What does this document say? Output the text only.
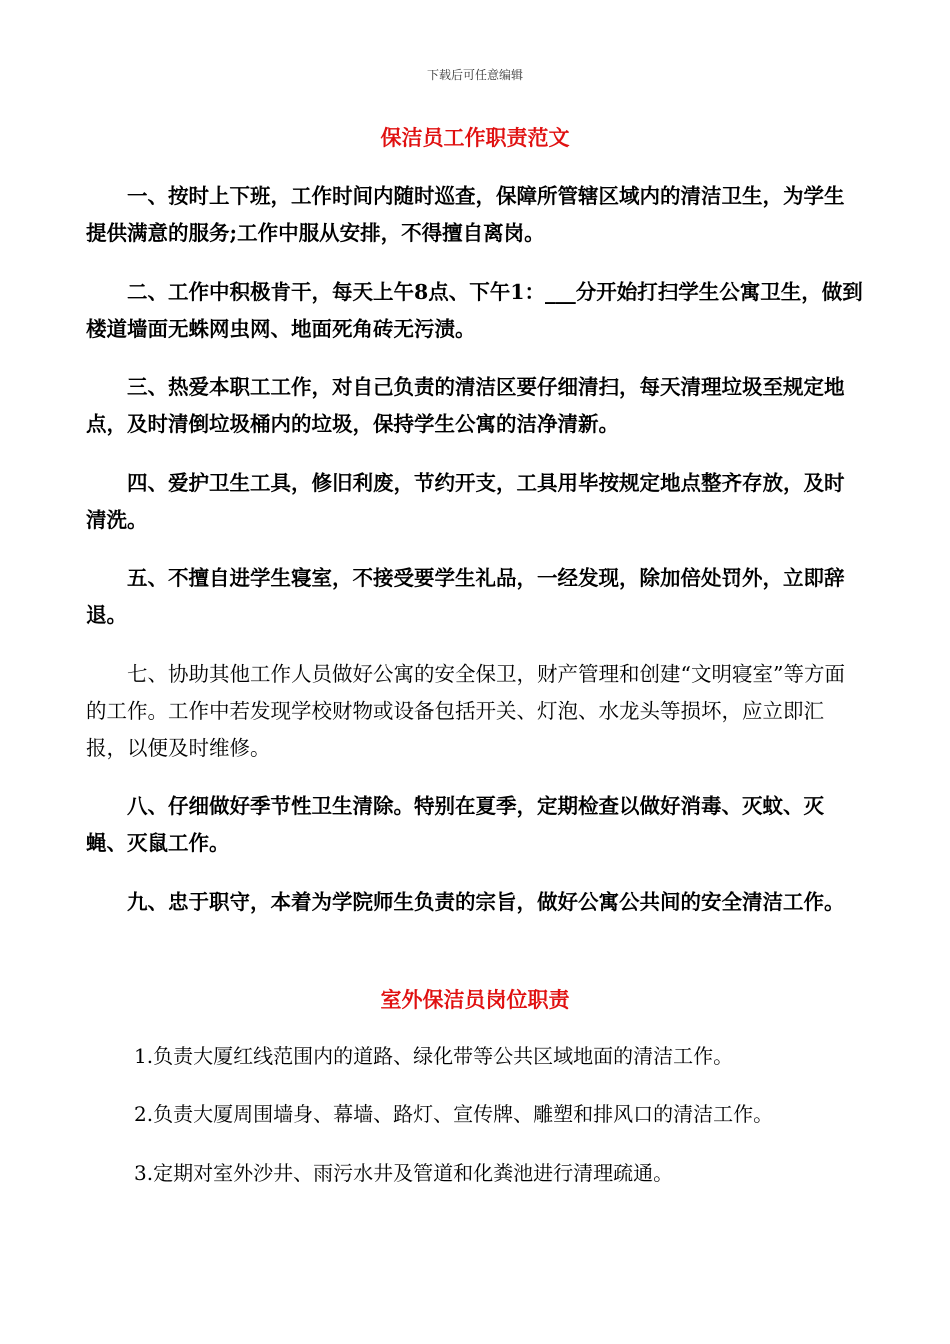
下载后可任意编辑
保洁员工作职责范文

一、按时上下班，工作时间内随时巡查，保障所管辖区域内的清洁卫生，为学生提供满意的服务;工作中服从安排，不得擅自离岗。

二、工作中积极肯干，每天上午8点、下午1：___分开始打扫学生公寓卫生，做到楼道墙面无蛛网虫网、地面死角砖无污渍。

三、热爱本职工工作，对自己负责的清洁区要仔细清扫，每天清理垃圾至规定地点，及时清倒垃圾桶内的垃圾，保持学生公寓的洁净清新。

四、爱护卫生工具，修旧利废，节约开支，工具用毕按规定地点整齐存放，及时清洗。

五、不擅自进学生寝室，不接受要学生礼品，一经发现，除加倍处罚外，立即辞退。

七、协助其他工作人员做好公寓的安全保卫，财产管理和创建“文明寝室”等方面的工作。工作中若发现学校财物或设备包括开关、灯泡、水龙头等损坏，应立即汇报，以便及时维修。

八、仔细做好季节性卫生清除。特别在夏季，定期检查以做好消毒、灭蚊、灭蝇、灭鼠工作。

九、忠于职守，本着为学院师生负责的宗旨，做好公寓公共间的安全清洁工作。

室外保洁员岗位职责

1.负责大厦红线范围内的道路、绿化带等公共区域地面的清洁工作。

2.负责大厦周围墙身、幕墙、路灯、宣传牌、雕塑和排风口的清洁工作。

3.定期对室外沙井、雨污水井及管道和化粪池进行清理疏通。
